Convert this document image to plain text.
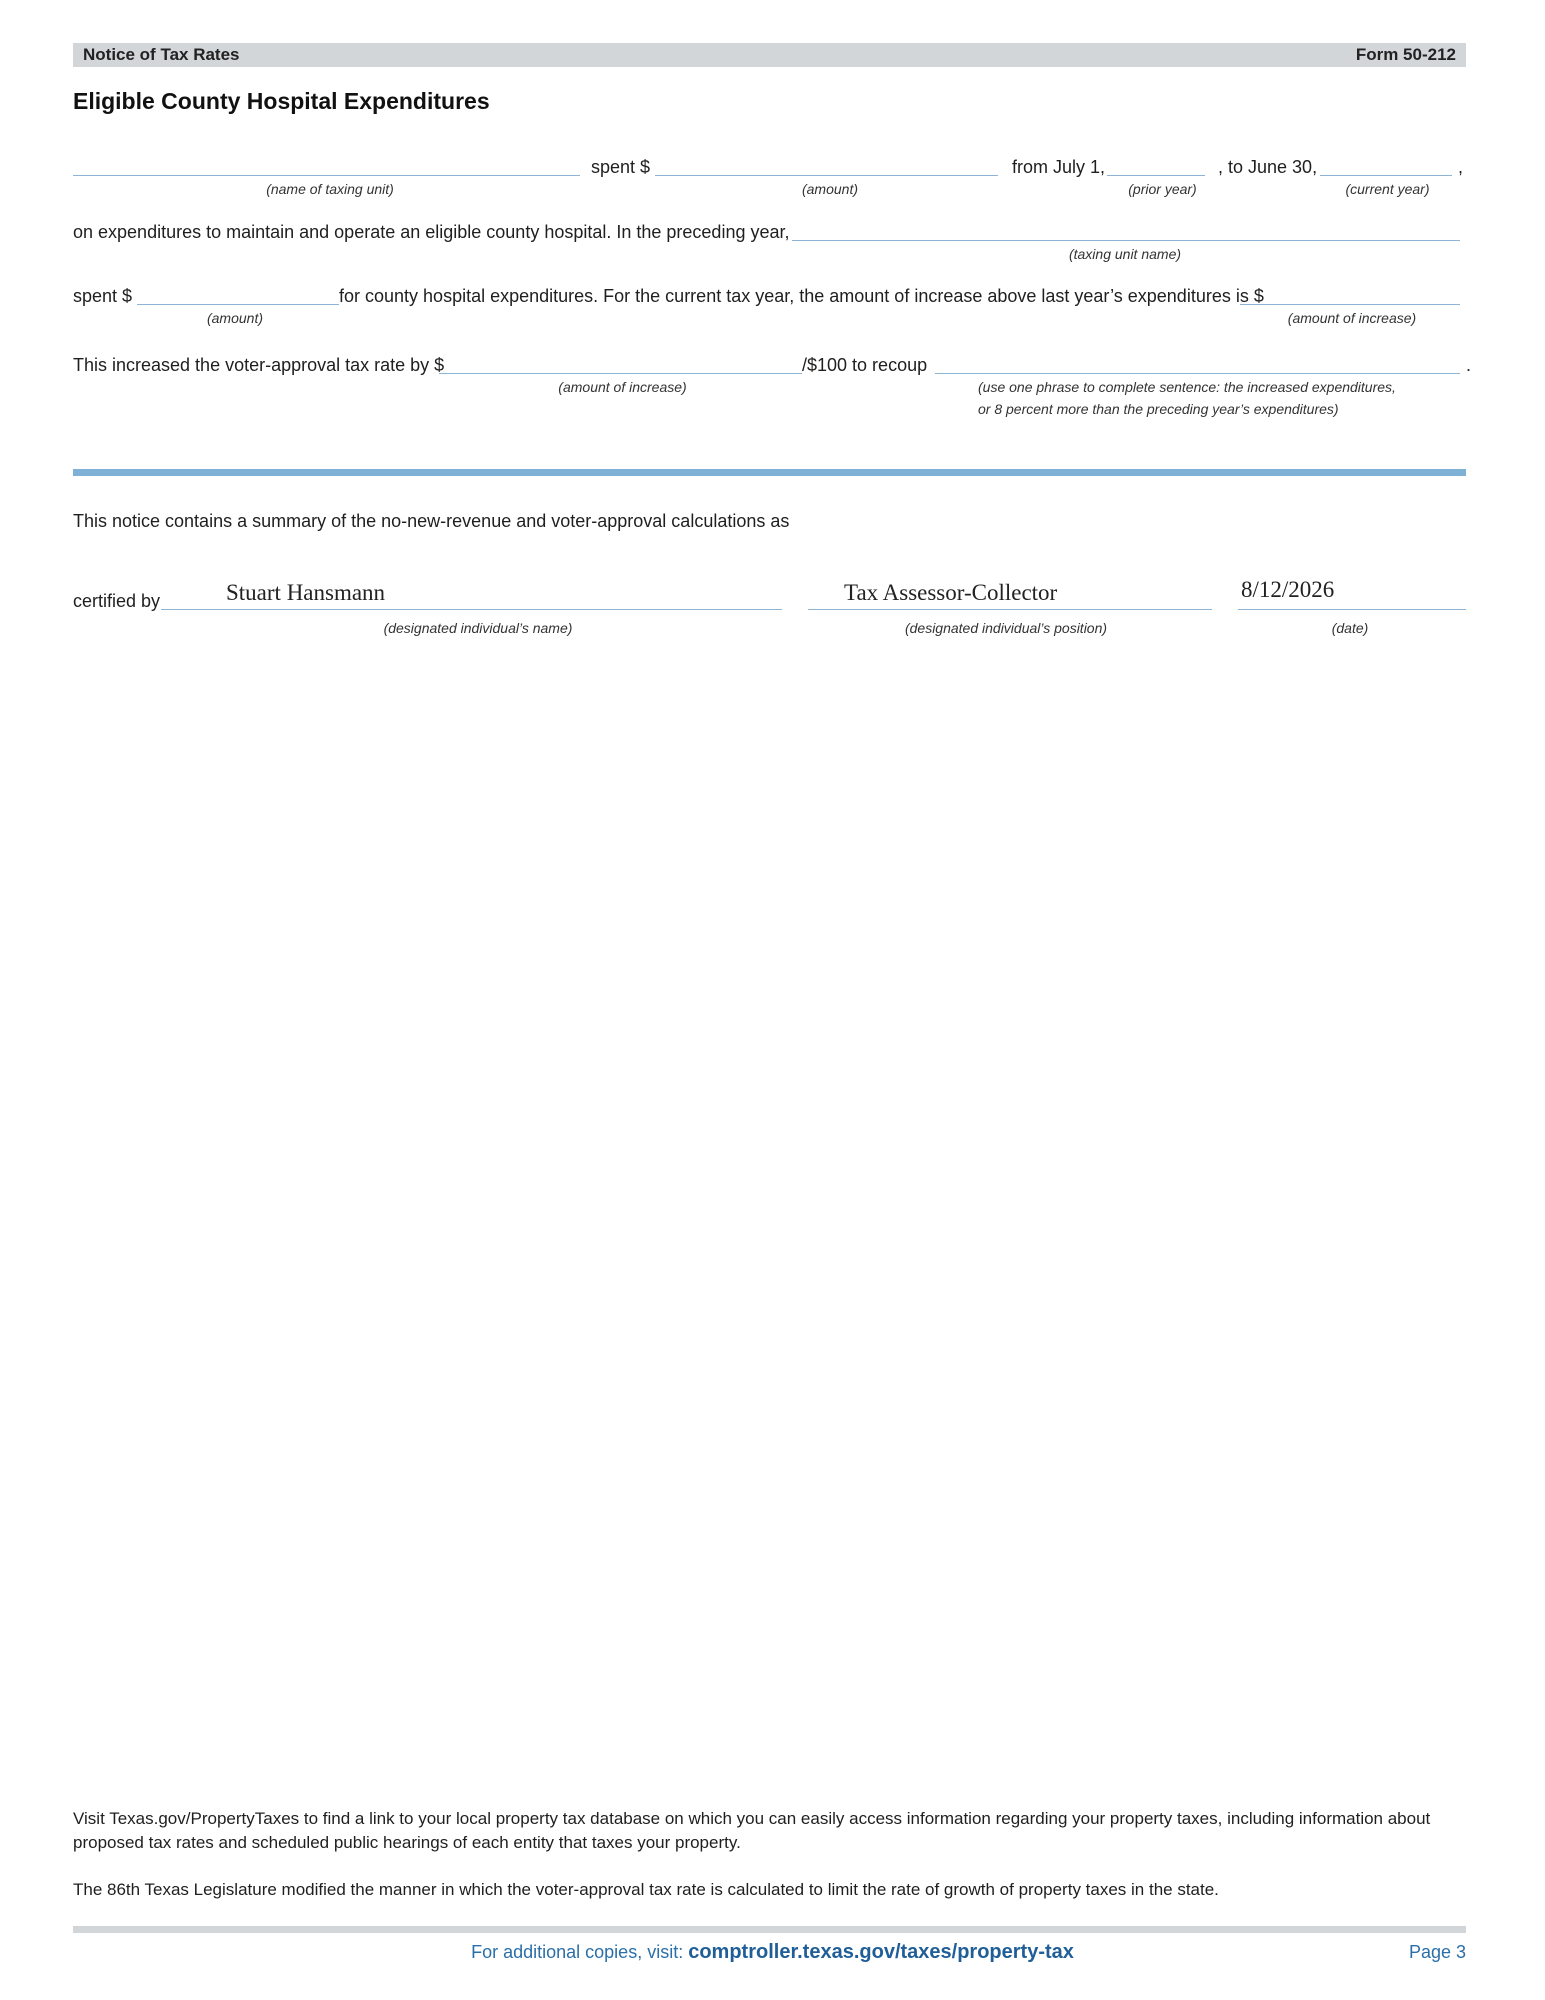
Notice of Tax Rates	Form 50-212
Eligible County Hospital Expenditures
spent $	from July 1,	, to June 30,	,
(name of taxing unit)	(amount)	(prior year)	(current year)
on expenditures to maintain and operate an eligible county hospital. In the preceding year,
(taxing unit name)
spent $	for county hospital expenditures. For the current tax year, the amount of increase above last year’s expenditures is $
(amount)	(amount of increase)
This increased the voter-approval tax rate by $	/$100 to recoup	.
(amount of increase)	(use one phrase to complete sentence: the increased expenditures,
or 8 percent more than the preceding year’s expenditures)
This notice contains a summary of the no-new-revenue and voter-approval calculations as
certified by	Stuart Hansmann	Tax Assessor-Collector	8/12/2026
(designated individual’s name)	(designated individual’s position)	(date)
Visit Texas.gov/PropertyTaxes to find a link to your local property tax database on which you can easily access information regarding your property taxes, including information about proposed tax rates and scheduled public hearings of each entity that taxes your property.
The 86th Texas Legislature modified the manner in which the voter-approval tax rate is calculated to limit the rate of growth of property taxes in the state.
For additional copies, visit: comptroller.texas.gov/taxes/property-tax	Page 3
